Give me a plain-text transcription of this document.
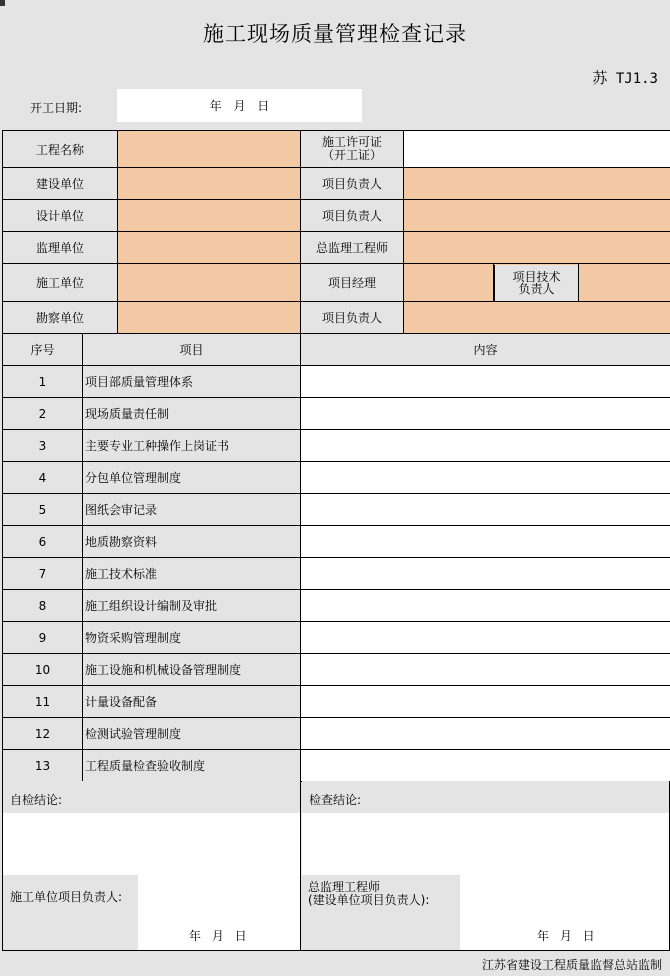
施工现场质量管理检查记录
苏 TJ1.3
开工日期:	年 月 日
工程名称			施工许可证
（开工证）			

建设单位			项目负责人			
设计单位			项目负责人			
监理单位			总监理工程师			
施工单位			项目经理		项目技术
负责人	

勘察单位			项目负责人			
序号	项目		内容			
1	项目部质量管理体系					
2	现场质量责任制					
3	主要专业工种操作上岗证书					
4	分包单位管理制度					
5	图纸会审记录					
6	地质勘察资料					
7	施工技术标准					
8	施工组织设计编制及审批					
9	物资采购管理制度					
10	施工设施和机械设备管理制度					
11	计量设备配备					
12	检测试验管理制度					
13	工程质量检查验收制度					
自检结论:
施工单位项目负责人:
年 月 日
检查结论:
总监理工程师
(建设单位项目负责人):
年 月 日
江苏省建设工程质量监督总站监制
